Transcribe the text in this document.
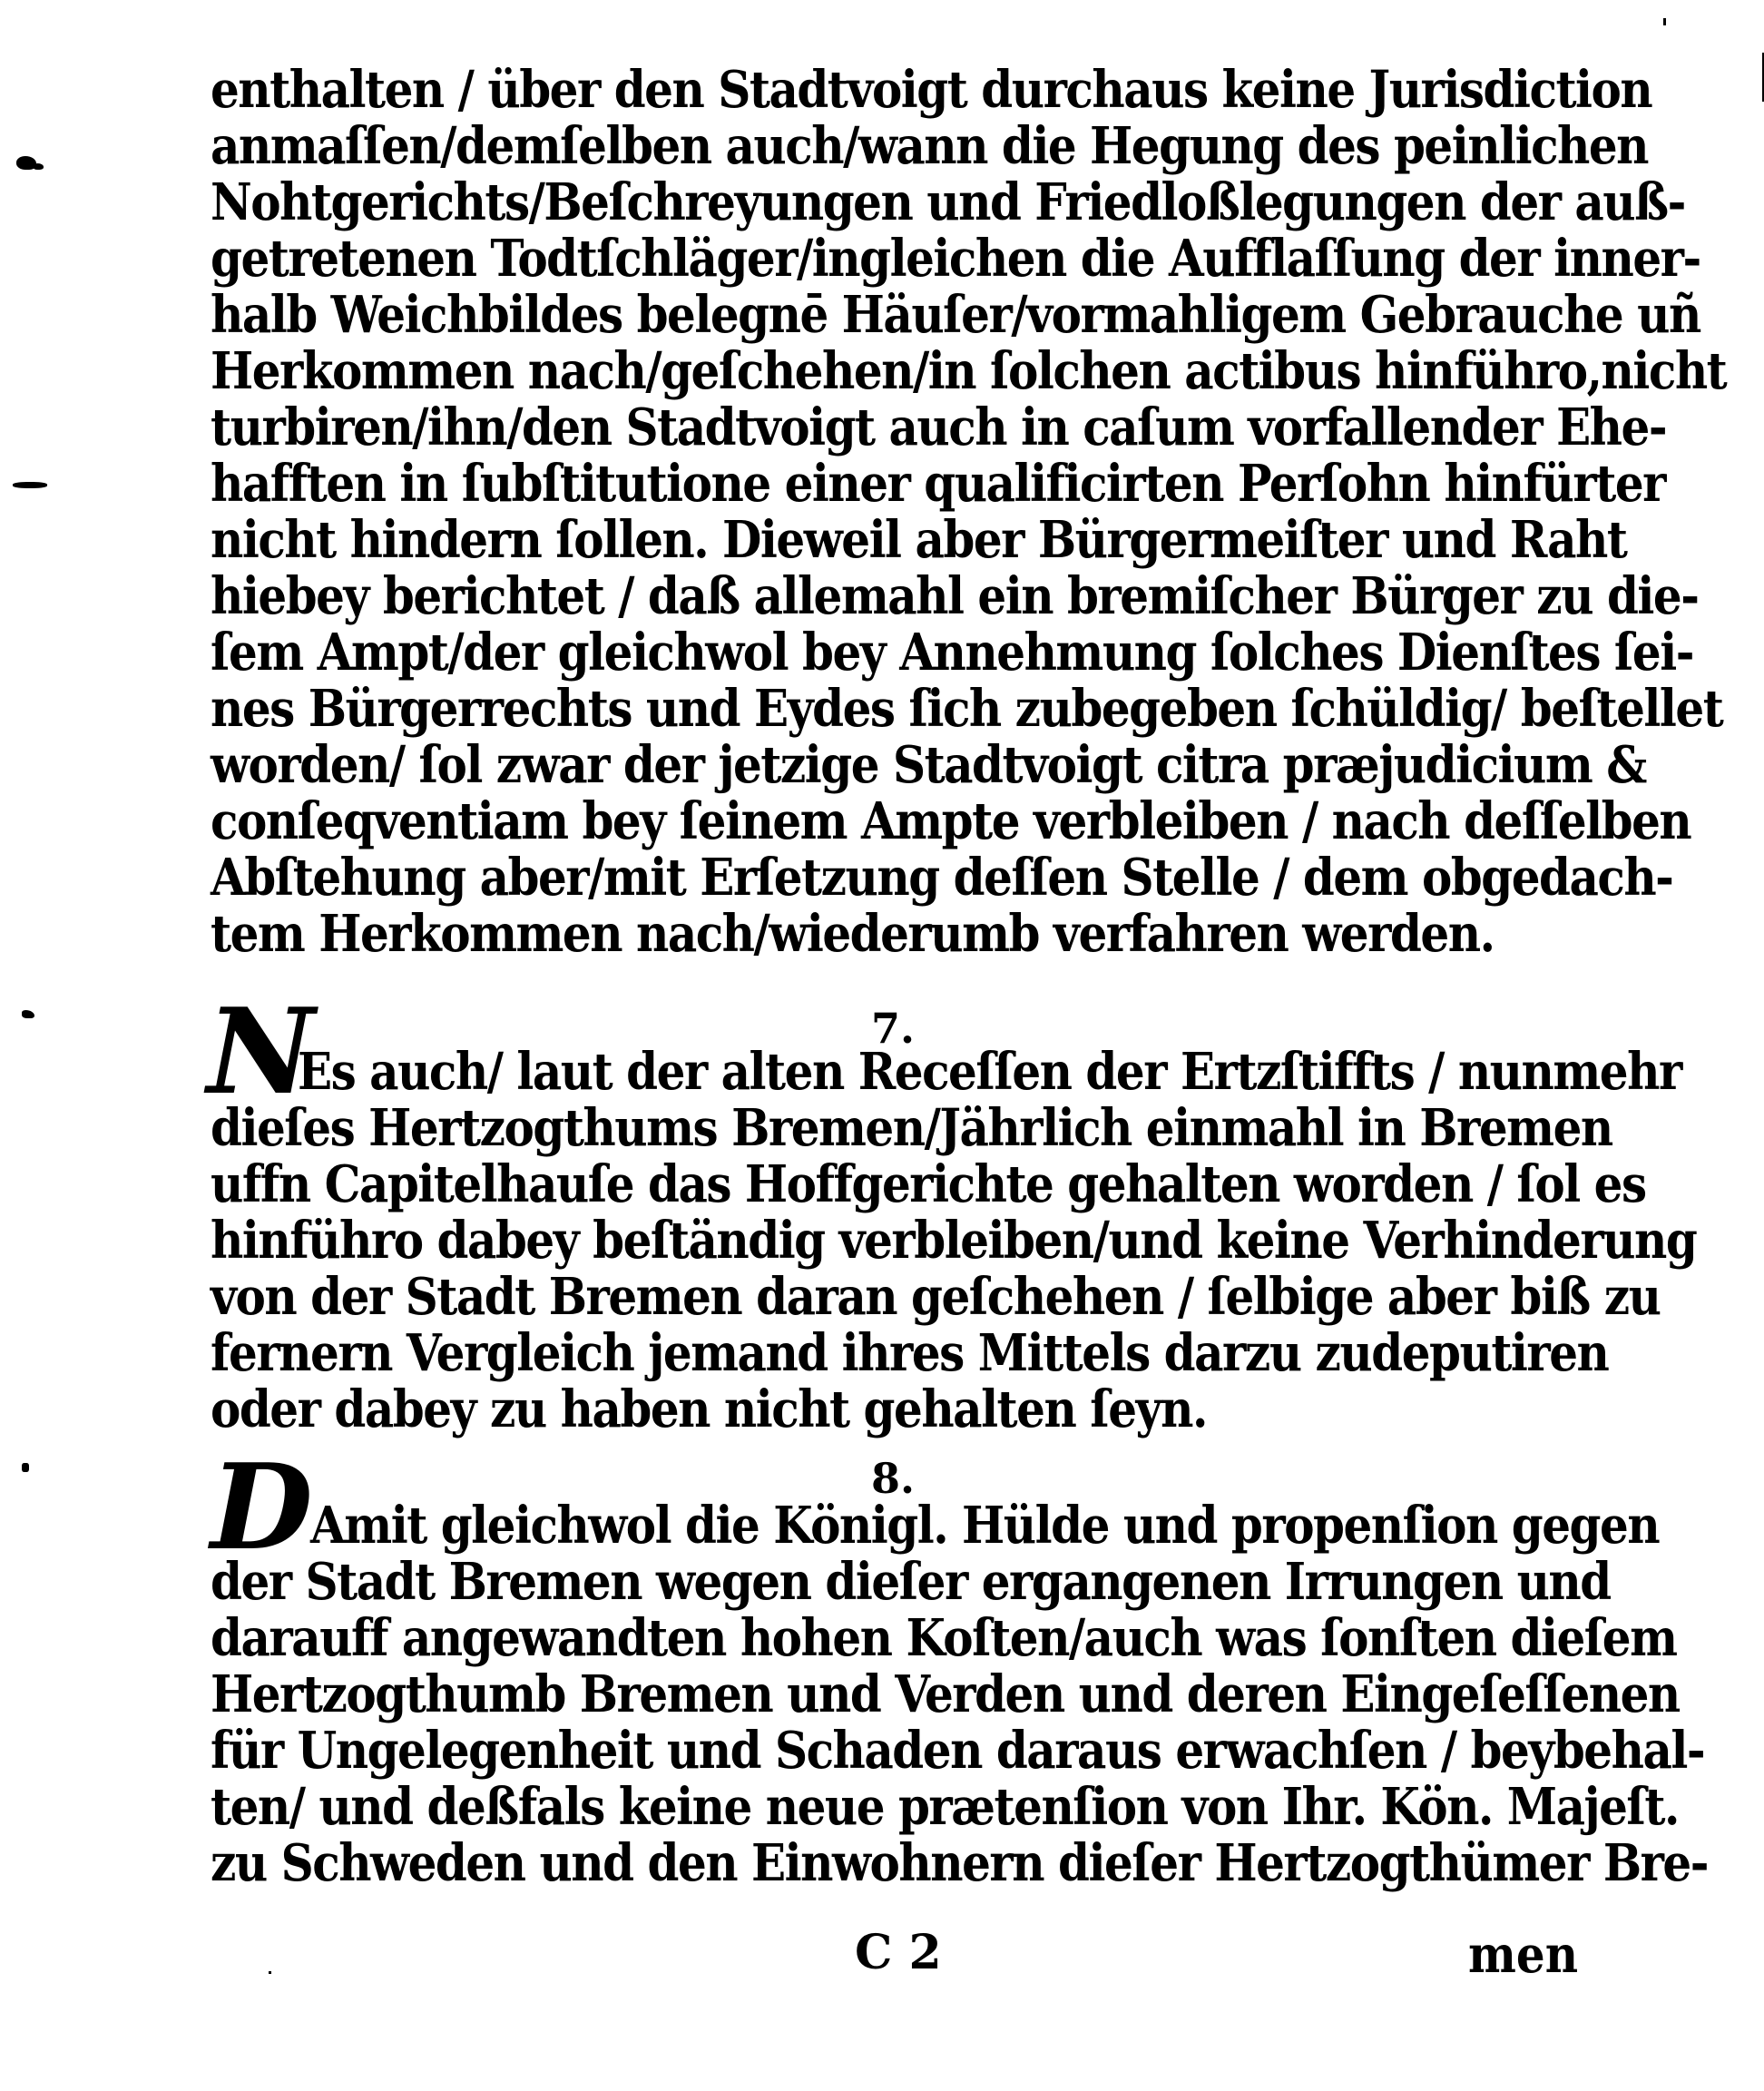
enthalten / über den Stadtvoigt durchaus keine Jurisdiction
anmaſſen/demſelben auch/wann die Hegung des peinlichen
Nohtgerichts/Beſchreyungen und Friedloßlegungen der auß-
getretenen Todtſchläger/ingleichen die Aufflaſſung der inner-
halb Weichbildes belegnē Häuſer/vormahligem Gebrauche uñ
Herkommen nach/geſchehen/in ſolchen actibus hinführo,nicht
turbiren/ihn/den Stadtvoigt auch in caſum vorfallender Ehe-
hafften in ſubſtitutione einer qualificirten Perſohn hinfürter
nicht hindern ſollen. Dieweil aber Bürgermeiſter und Raht
hiebey berichtet / daß allemahl ein bremiſcher Bürger zu die-
ſem Ampt/der gleichwol bey Annehmung ſolches Dienſtes ſei-
nes Bürgerrechts und Eydes ſich zubegeben ſchüldig/ beſtellet
worden/ ſol zwar der jetzige Stadtvoigt citra præjudicium &
conſeqventiam bey ſeinem Ampte verbleiben / nach deſſelben
Abſtehung aber/mit Erſetzung deſſen Stelle / dem obgedach-
tem Herkommen nach/wiederumb verfahren werden.
7.
N
Es auch/ laut der alten Receſſen der Ertzſtiffts / nunmehr
dieſes Hertzogthums Bremen/Jährlich einmahl in Bremen
uffn Capitelhauſe das Hoffgerichte gehalten worden / ſol es
hinführo dabey beſtändig verbleiben/und keine Verhinderung
von der Stadt Bremen daran geſchehen / ſelbige aber biß zu
fernern Vergleich jemand ihres Mittels darzu zudeputiren
oder dabey zu haben nicht gehalten ſeyn.
8.
D
Amit gleichwol die Königl. Hülde und propenſion gegen
der Stadt Bremen wegen dieſer ergangenen Irrungen und
darauff angewandten hohen Koſten/auch was ſonſten dieſem
Hertzogthumb Bremen und Verden und deren Eingeſeſſenen
für Ungelegenheit und Schaden daraus erwachſen / beybehal-
ten/ und deßfals keine neue prætenſion von Ihr. Kön. Majeſt.
zu Schweden und den Einwohnern dieſer Hertzogthümer Bre-
C 2	men
